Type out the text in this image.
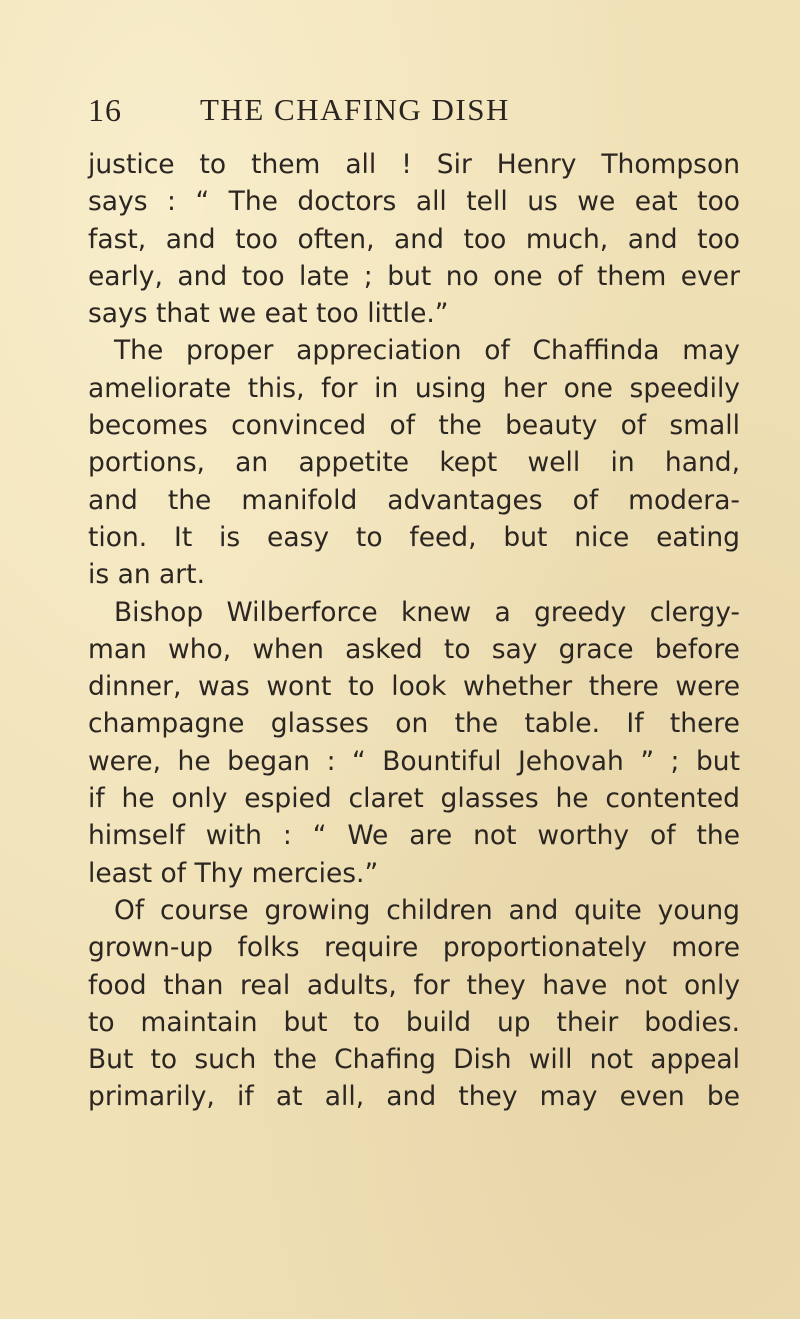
16	THE CHAFING DISH
justice to them all ! Sir Henry Thompson
says : “ The doctors all tell us we eat too
fast, and too often, and too much, and too
early, and too late ; but no one of them ever
says that we eat too little.”
The proper appreciation of Chaffinda may
ameliorate this, for in using her one speedily
becomes convinced of the beauty of small
portions, an appetite kept well in hand,
and the manifold advantages of modera-
tion. It is easy to feed, but nice eating
is an art.
Bishop Wilberforce knew a greedy clergy-
man who, when asked to say grace before
dinner, was wont to look whether there were
champagne glasses on the table. If there
were, he began : “ Bountiful Jehovah ” ; but
if he only espied claret glasses he contented
himself with : “ We are not worthy of the
least of Thy mercies.”
Of course growing children and quite young
grown-up folks require proportionately more
food than real adults, for they have not only
to maintain but to build up their bodies.
But to such the Chafing Dish will not appeal
primarily, if at all, and they may even be
